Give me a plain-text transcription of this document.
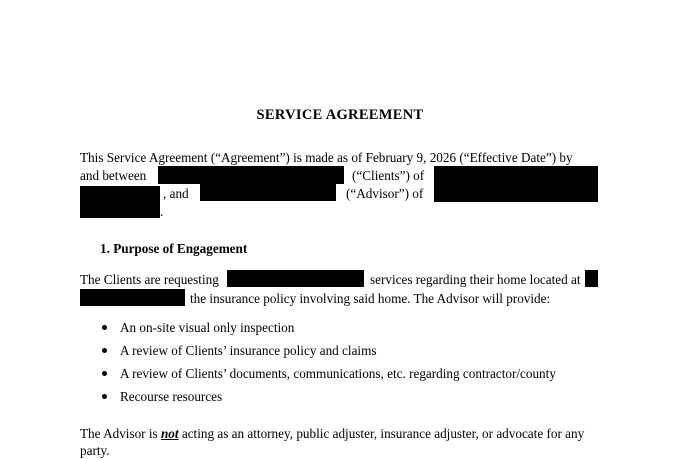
SERVICE AGREEMENT
This Service Agreement (“Agreement”) is made as of February 9, 2026 (“Effective Date”) by
and between	(“Clients”) of
, and	(“Advisor”) of
.
1. Purpose of Engagement
The Clients are requesting	services regarding their home located at
the insurance policy involving said home. The Advisor will provide:
An on-site visual only inspection
A review of Clients’ insurance policy and claims
A review of Clients’ documents, communications, etc. regarding contractor/county
Recourse resources
The Advisor is not acting as an attorney, public adjuster, insurance adjuster, or advocate for any
party.
